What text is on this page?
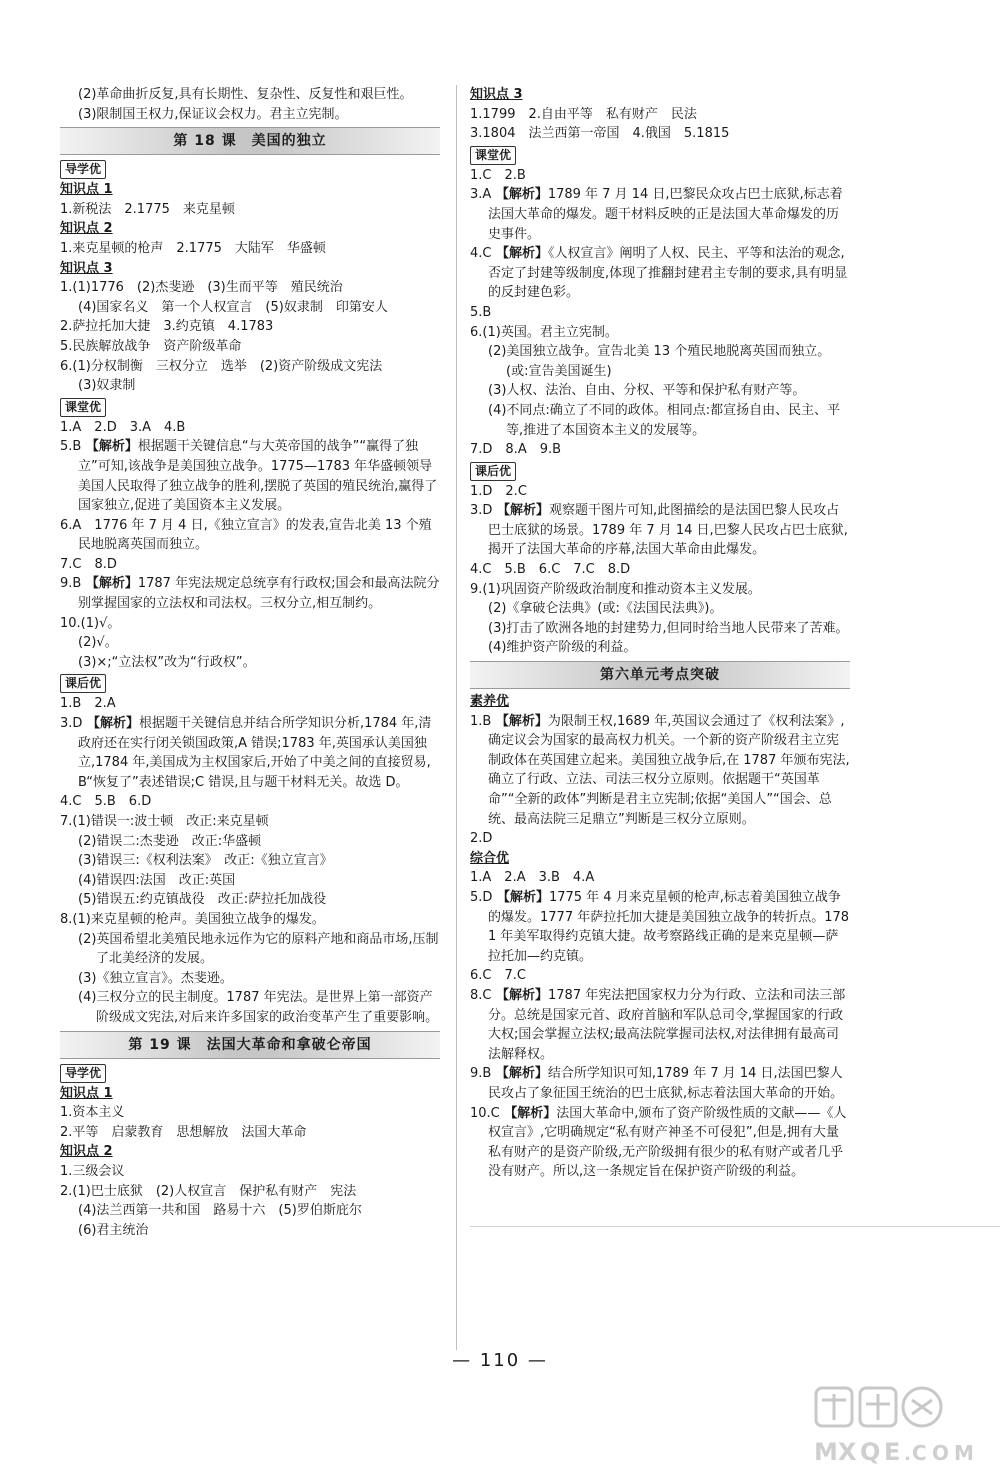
(2)革命曲折反复,具有长期性、复杂性、反复性和艰巨性。
(3)限制国王权力,保证议会权力。君主立宪制。
第 18 课　美国的独立
导学优
知识点 1
1.新税法　2.1775　来克星顿
知识点 2
1.来克星顿的枪声　2.1775　大陆军　华盛顿
知识点 3
1.(1)1776　(2)杰斐逊　(3)生而平等　殖民统治
(4)国家名义　第一个人权宣言　(5)奴隶制　印第安人
2.萨拉托加大捷　3.约克镇　4.1783
5.民族解放战争　资产阶级革命
6.(1)分权制衡　三权分立　选举　(2)资产阶级成文宪法
(3)奴隶制
课堂优
1.A　2.D　3.A　4.B
5.B 【解析】根据题干关键信息“与大英帝国的战争”“赢得了独立”可知,该战争是美国独立战争。1775—1783 年华盛顿领导美国人民取得了独立战争的胜利,摆脱了英国的殖民统治,赢得了国家独立,促进了美国资本主义发展。
6.A　1776 年 7 月 4 日,《独立宣言》的发表,宣告北美 13 个殖民地脱离英国而独立。
7.C　8.D
9.B 【解析】1787 年宪法规定总统享有行政权;国会和最高法院分别掌握国家的立法权和司法权。三权分立,相互制约。
10.(1)√。
(2)√。
(3)×;“立法权”改为“行政权”。
课后优
1.B　2.A
3.D 【解析】根据题干关键信息并结合所学知识分析,1784 年,清政府还在实行闭关锁国政策,A 错误;1783 年,英国承认美国独立,1784 年,美国成为主权国家后,开始了中美之间的直接贸易,B“恢复了”表述错误;C 错误,且与题干材料无关。故选 D。
4.C　5.B　6.D
7.(1)错误一:波士顿　改正:来克星顿
(2)错误二:杰斐逊　改正:华盛顿
(3)错误三:《权利法案》　改正:《独立宣言》
(4)错误四:法国　改正:英国
(5)错误五:约克镇战役　改正:萨拉托加战役
8.(1)来克星顿的枪声。美国独立战争的爆发。
(2)英国希望北美殖民地永远作为它的原料产地和商品市场,压制了北美经济的发展。
(3)《独立宣言》。杰斐逊。
(4)三权分立的民主制度。1787 年宪法。是世界上第一部资产阶级成文宪法,对后来许多国家的政治变革产生了重要影响。
第 19 课　法国大革命和拿破仑帝国
导学优
知识点 1
1.资本主义
2.平等　启蒙教育　思想解放　法国大革命
知识点 2
1.三级会议
2.(1)巴士底狱　(2)人权宣言　保护私有财产　宪法
(4)法兰西第一共和国　路易十六　(5)罗伯斯庇尔
(6)君主统治
知识点 3
1.1799　2.自由平等　私有财产　民法
3.1804　法兰西第一帝国　4.俄国　5.1815
课堂优
1.C　2.B
3.A 【解析】1789 年 7 月 14 日,巴黎民众攻占巴士底狱,标志着法国大革命的爆发。题干材料反映的正是法国大革命爆发的历史事件。
4.C 【解析】《人权宣言》阐明了人权、民主、平等和法治的观念,否定了封建等级制度,体现了推翻封建君主专制的要求,具有明显的反封建色彩。
5.B
6.(1)英国。君主立宪制。
(2)美国独立战争。宣告北美 13 个殖民地脱离英国而独立。(或:宣告美国诞生)
(3)人权、法治、自由、分权、平等和保护私有财产等。
(4)不同点:确立了不同的政体。相同点:都宣扬自由、民主、平等,推进了本国资本主义的发展等。
7.D　8.A　9.B
课后优
1.D　2.C
3.D 【解析】观察题干图片可知,此图描绘的是法国巴黎人民攻占巴士底狱的场景。1789 年 7 月 14 日,巴黎人民攻占巴士底狱,揭开了法国大革命的序幕,法国大革命由此爆发。
4.C　5.B　6.C　7.C　8.D
9.(1)巩固资产阶级政治制度和推动资本主义发展。
(2)《拿破仑法典》(或:《法国民法典》)。
(3)打击了欧洲各地的封建势力,但同时给当地人民带来了苦难。
(4)维护资产阶级的利益。
第六单元考点突破
素养优
1.B 【解析】为限制王权,1689 年,英国议会通过了《权利法案》,确定议会为国家的最高权力机关。一个新的资产阶级君主立宪制政体在英国建立起来。美国独立战争后,在 1787 年颁布宪法,确立了行政、立法、司法三权分立原则。依据题干“英国革命”“全新的政体”判断是君主立宪制;依据“美国人”“国会、总统、最高法院三足鼎立”判断是三权分立原则。
2.D
综合优
1.A　2.A　3.B　4.A
5.D 【解析】1775 年 4 月来克星顿的枪声,标志着美国独立战争的爆发。1777 年萨拉托加大捷是美国独立战争的转折点。1781 年美军取得约克镇大捷。故考察路线正确的是来克星顿—萨拉托加—约克镇。
6.C　7.C
8.C 【解析】1787 年宪法把国家权力分为行政、立法和司法三部分。总统是国家元首、政府首脑和军队总司令,掌握国家的行政大权;国会掌握立法权;最高法院掌握司法权,对法律拥有最高司法解释权。
9.B 【解析】结合所学知识可知,1789 年 7 月 14 日,法国巴黎人民攻占了象征国王统治的巴士底狱,标志着法国大革命的开始。
10.C 【解析】法国大革命中,颁布了资产阶级性质的文献——《人权宣言》,它明确规定“私有财产神圣不可侵犯”,但是,拥有大量私有财产的是资产阶级,无产阶级拥有很少的私有财产或者几乎没有财产。所以,这一条规定旨在保护资产阶级的利益。
— 110 —
M X Q E . C O M
